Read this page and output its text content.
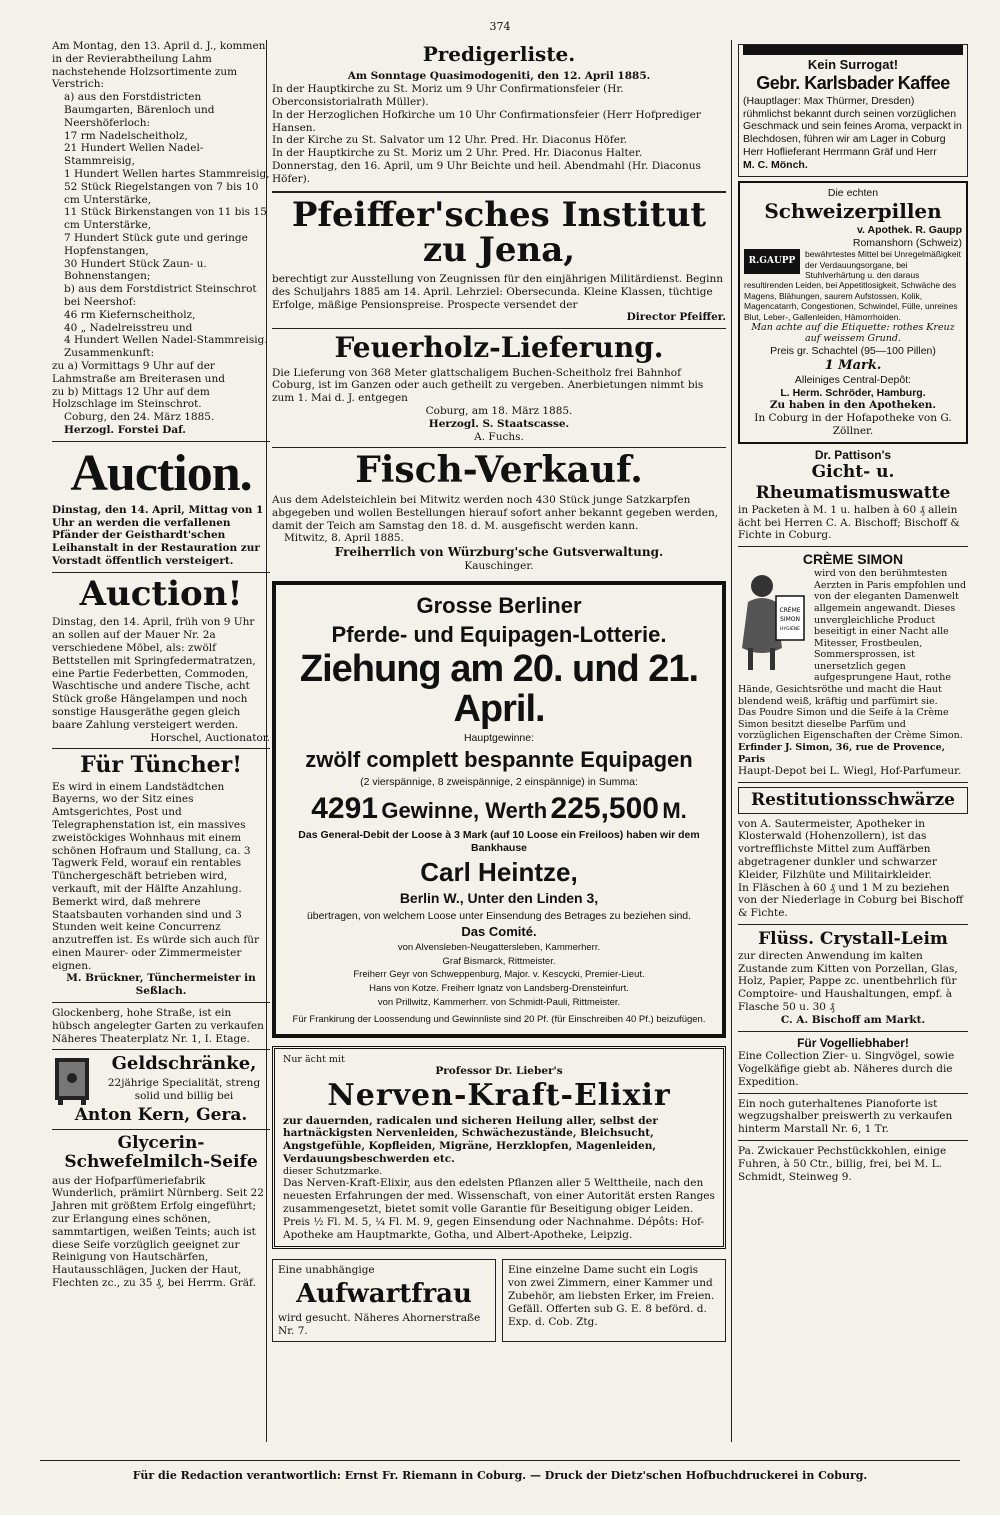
374

Am Montag, den 13. April d. J., kommen in der Revierabtheilung Lahm nachstehende Holzsortimente zum Verstrich:

a) aus den Forstdistricten Baumgarten, Bärenloch und Neershöferloch:

17 rm Nadelscheitholz,

21 Hundert Wellen Nadel-Stammreisig,

1 Hundert Wellen hartes Stammreisig,

52 Stück Riegelstangen von 7 bis 10 cm Unterstärke,

11 Stück Birkenstangen von 11 bis 15 cm Unterstärke,

7 Hundert Stück gute und geringe Hopfenstangen,

30 Hundert Stück Zaun- u. Bohnenstangen;

b) aus dem Forstdistrict Steinschrot bei Neershof:

46 rm Kiefernscheitholz,

40 „ Nadelreisstreu und

4 Hundert Wellen Nadel-Stammreisig.

Zusammenkunft:

zu a) Vormittags 9 Uhr auf der Lahmstraße am Breiterasen und

zu b) Mittags 12 Uhr auf dem Holzschlage im Steinschrot.

Coburg, den 24. März 1885.

Herzogl. Forstei Daf.

Auction.

Dinstag, den 14. April, Mittag von 1 Uhr an werden die verfallenen Pfänder der Geisthardt'schen Leihanstalt in der Restauration zur Vorstadt öffentlich versteigert.

Auction!

Dinstag, den 14. April, früh von 9 Uhr an sollen auf der Mauer Nr. 2a verschiedene Möbel, als: zwölf Bettstellen mit Springfedermatratzen, eine Partie Federbetten, Commoden, Waschtische und andere Tische, acht Stück große Hängelampen und noch sonstige Hausgeräthe gegen gleich baare Zahlung versteigert werden.

Horschel, Auctionator.

Für Tüncher!

Es wird in einem Landstädtchen Bayerns, wo der Sitz eines Amtsgerichtes, Post und Telegraphenstation ist, ein massives zweistöckiges Wohnhaus mit einem schönen Hofraum und Stallung, ca. 3 Tagwerk Feld, worauf ein rentables Tünchergeschäft betrieben wird, verkauft, mit der Hälfte Anzahlung. Bemerkt wird, daß mehrere Staatsbauten vorhanden sind und 3 Stunden weit keine Concurrenz anzutreffen ist. Es würde sich auch für einen Maurer- oder Zimmermeister eignen.

M. Brückner, Tünchermeister in Seßlach.

Glockenberg, hohe Straße, ist ein hübsch angelegter Garten zu verkaufen Näheres Theaterplatz Nr. 1, I. Etage.

Geldschränke,

22jährige Specialität, streng solid und billig bei

Anton Kern, Gera.
Glycerin-Schwefelmilch-Seife

aus der Hofparfümeriefabrik Wunderlich, prämiirt Nürnberg. Seit 22 Jahren mit größtem Erfolg eingeführt; zur Erlangung eines schönen, sammtartigen, weißen Teints; auch ist diese Seife vorzüglich geeignet zur Reinigung von Hautschärfen, Hautausschlägen, Jucken der Haut, Flechten zc., zu 35 ₰, bei Herrm. Gräf.

Predigerliste.

Am Sonntage Quasimodogeniti, den 12. April 1885.

In der Hauptkirche zu St. Moriz um 9 Uhr Confirmationsfeier (Hr. Oberconsistorialrath Müller).

In der Herzoglichen Hofkirche um 10 Uhr Confirmationsfeier (Herr Hofprediger Hansen.

In der Kirche zu St. Salvator um 12 Uhr. Pred. Hr. Diaconus Höfer.

In der Hauptkirche zu St. Moriz um 2 Uhr. Pred. Hr. Diaconus Halter.

Donnerstag, den 16. April, um 9 Uhr Beichte und heil. Abendmahl (Hr. Diaconus Höfer).

Pfeiffer'sches Institut zu Jena,

berechtigt zur Ausstellung von Zeugnissen für den einjährigen Militärdienst. Beginn des Schuljahrs 1885 am 14. April. Lehrziel: Obersecunda. Kleine Klassen, tüchtige Erfolge, mäßige Pensionspreise. Prospecte versendet der

Director Pfeiffer.

Feuerholz-Lieferung.

Die Lieferung von 368 Meter glattschaligem Buchen-Scheitholz frei Bahnhof Coburg, ist im Ganzen oder auch getheilt zu vergeben. Anerbietungen nimmt bis zum 1. Mai d. J. entgegen

Coburg, am 18. März 1885.

Herzogl. S. Staatscasse.

A. Fuchs.

Fisch-Verkauf.

Aus dem Adelsteichlein bei Mitwitz werden noch 430 Stück junge Satzkarpfen abgegeben und wollen Bestellungen hierauf sofort anher bekannt gegeben werden, damit der Teich am Samstag den 18. d. M. ausgefischt werden kann.

Mitwitz, 8. April 1885.

Freiherrlich von Würzburg'sche Gutsverwaltung.

Kauschinger.

Grosse Berliner

Pferde- und Equipagen-Lotterie.

Ziehung am 20. und 21. April.

Hauptgewinne:

zwölf complett bespannte Equipagen

(2 vierspännige, 8 zweispännige, 2 einspännige) in Summa:

4291 Gewinne, Werth 225,500 M.

Das General-Debit der Loose à 3 Mark (auf 10 Loose ein Freiloos) haben wir dem Bankhause

Carl Heintze,

Berlin W., Unter den Linden 3,

übertragen, von welchem Loose unter Einsendung des Betrages zu beziehen sind.

Das Comité.

von Alvensleben-Neugattersleben, Kammerherr.

Graf Bismarck, Rittmeister.

Freiherr Geyr von Schweppenburg, Major. v. Kescycki, Premier-Lieut.

Hans von Kotze. Freiherr Ignatz von Landsberg-Drensteinfurt.

von Prillwitz, Kammerherr. von Schmidt-Pauli, Rittmeister.

Für Frankirung der Loossendung und Gewinnliste sind 20 Pf. (für Einschreiben 40 Pf.) beizufügen.

Nur ächt mit

Professor Dr. Lieber's

Nerven-Kraft-Elixir

zur dauernden, radicalen und sicheren Heilung aller, selbst der hartnäckigsten Nervenleiden, Schwächezustände, Bleichsucht, Angstgefühle, Kopfleiden, Migräne, Herzklopfen, Magenleiden, Verdauungsbeschwerden etc.

dieser Schutzmarke.

Das Nerven-Kraft-Elixir, aus den edelsten Pflanzen aller 5 Welttheile, nach den neuesten Erfahrungen der med. Wissenschaft, von einer Autorität ersten Ranges zusammengesetzt, bietet somit volle Garantie für Beseitigung obiger Leiden. Preis ½ Fl. M. 5, ¼ Fl. M. 9, gegen Einsendung oder Nachnahme. Dépôts: Hof-Apotheke am Hauptmarkte, Gotha, und Albert-Apotheke, Leipzig.

Eine unabhängige

Aufwartfrau

wird gesucht. Näheres Ahornerstraße Nr. 7.

Eine einzelne Dame sucht ein Logis von zwei Zimmern, einer Kammer und Zubehör, am liebsten Erker, im Freien. Gefäll. Offerten sub G. E. 8 beförd. d. Exp. d. Cob. Ztg.

Kein Surrogat!

Gebr. Karlsbader Kaffee

(Hauptlager: Max Thürmer, Dresden) rühmlichst bekannt durch seinen vorzüglichen Geschmack und sein feines Aroma, verpackt in Blechdosen, führen wir am Lager in Coburg Herr Hoflieferant Herrmann Gräf und Herr

M. C. Mönch.

Die echten

Schweizerpillen

v. Apothek. R. Gaupp

Romanshorn (Schweiz)

R.GAUPP

bewährtestes Mittel bei Unregelmäßigkeit der Verdauungsorgane, bei Stuhlverhärtung u. den daraus resultirenden Leiden, bei Appetitlosigkeit, Schwäche des Magens, Blähungen, saurem Aufstossen, Kolik, Magencatarrh, Congestionen, Schwindel, Fülle, unreines Blut, Leber-, Gallenleiden, Hämorrhoiden.

Man achte auf die Etiquette: rothes Kreuz auf weissem Grund.

Preis gr. Schachtel (95—100 Pillen)

1 Mark.

Alleiniges Central-Depôt:

L. Herm. Schröder, Hamburg.

Zu haben in den Apotheken.

In Coburg in der Hofapotheke von G. Zöllner.

Dr. Pattison's

Gicht- u. Rheumatismuswatte

in Packeten à M. 1 u. halben à 60 ₰ allein ächt bei Herren C. A. Bischoff; Bischoff & Fichte in Coburg.

CRÈME SIMON

CRÈME
SIMON
HYGIÈNE

wird von den berühmtesten Aerzten in Paris empfohlen und von der eleganten Damenwelt allgemein angewandt. Dieses unvergleichliche Product beseitigt in einer Nacht alle Mitesser, Frostbeulen, Sommersprossen, ist unersetzlich gegen aufgesprungene Haut, rothe Hände, Gesichtsröthe und macht die Haut blendend weiß, kräftig und parfümirt sie.

Das Poudre Simon und die Seife à la Crème Simon besitzt dieselbe Parfüm und vorzüglichen Eigenschaften der Crème Simon.

Erfinder J. Simon, 36, rue de Provence, Paris

Haupt-Depot bei L. Wiegl, Hof-Parfumeur.

Restitutionsschwärze

von A. Sautermeister, Apotheker in Klosterwald (Hohenzollern), ist das vortrefflichste Mittel zum Auffärben abgetragener dunkler und schwarzer Kleider, Filzhüte und Militairkleider.

In Fläschen à 60 ₰ und 1 M zu beziehen von der Niederlage in Coburg bei Bischoff & Fichte.

Flüss. Crystall-Leim

zur directen Anwendung im kalten Zustande zum Kitten von Porzellan, Glas, Holz, Papier, Pappe zc. unentbehrlich für Comptoire- und Haushaltungen, empf. à Flasche 50 u. 30 ₰

C. A. Bischoff am Markt.

Für Vogelliebhaber!

Eine Collection Zier- u. Singvögel, sowie Vogelkäfige giebt ab. Näheres durch die Expedition.

Ein noch guterhaltenes Pianoforte ist wegzugshalber preiswerth zu verkaufen hinterm Marstall Nr. 6, 1 Tr.

Pa. Zwickauer Pechstückkohlen, einige Fuhren, à 50 Ctr., billig, frei, bei M. L. Schmidt, Steinweg 9.

Für die Redaction verantwortlich: Ernst Fr. Riemann in Coburg. — Druck der Dietz'schen Hofbuchdruckerei in Coburg.
